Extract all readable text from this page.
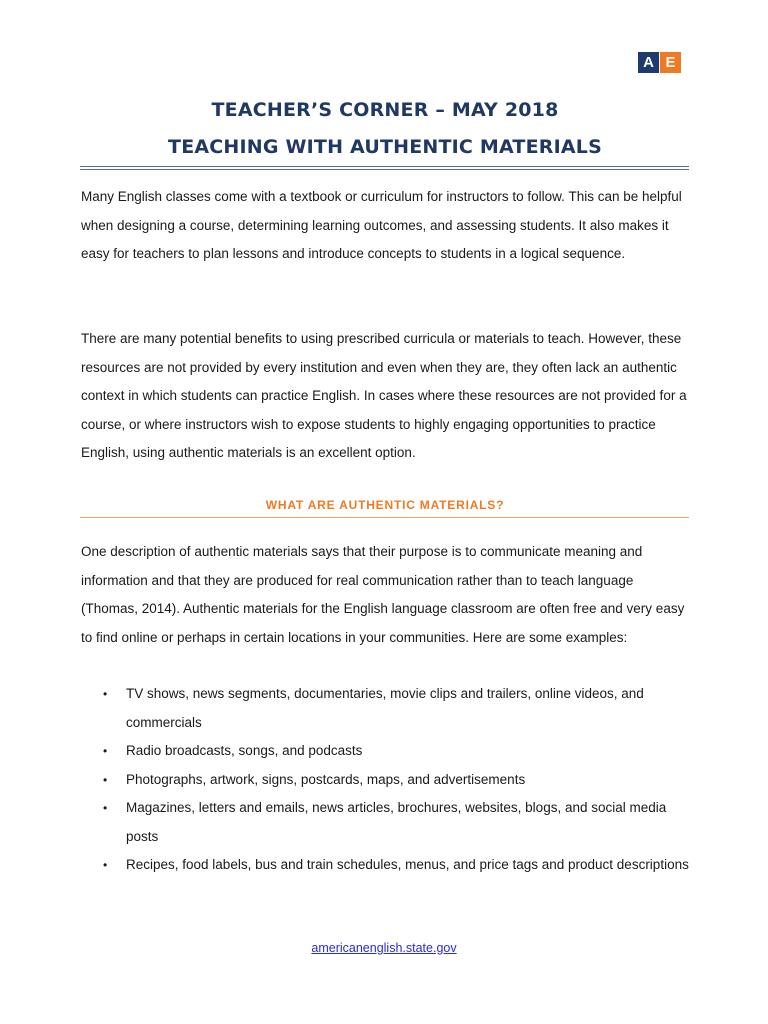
A E
TEACHER’S CORNER – MAY 2018
TEACHING WITH AUTHENTIC MATERIALS

Many English classes come with a textbook or curriculum for instructors to follow. This can be helpful when designing a course, determining learning outcomes, and assessing students. It also makes it easy for teachers to plan lessons and introduce concepts to students in a logical sequence.

There are many potential benefits to using prescribed curricula or materials to teach. However, these resources are not provided by every institution and even when they are, they often lack an authentic context in which students can practice English. In cases where these resources are not provided for a course, or where instructors wish to expose students to highly engaging opportunities to practice English, using authentic materials is an excellent option.

WHAT ARE AUTHENTIC MATERIALS?

One description of authentic materials says that their purpose is to communicate meaning and information and that they are produced for real communication rather than to teach language (Thomas, 2014). Authentic materials for the English language classroom are often free and very easy to find online or perhaps in certain locations in your communities. Here are some examples:

• TV shows, news segments, documentaries, movie clips and trailers, online videos, and commercials
• Radio broadcasts, songs, and podcasts
• Photographs, artwork, signs, postcards, maps, and advertisements
• Magazines, letters and emails, news articles, brochures, websites, blogs, and social media posts
• Recipes, food labels, bus and train schedules, menus, and price tags and product descriptions
americanenglish.state.gov
